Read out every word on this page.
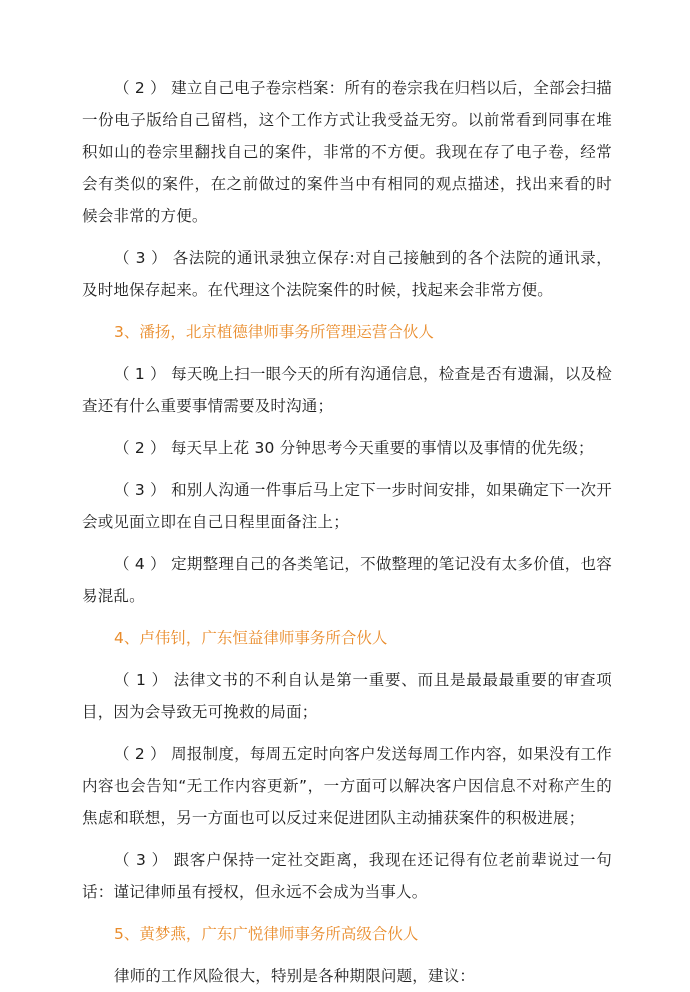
（ 2 ） 建立自己电子卷宗档案：所有的卷宗我在归档以后，全部会扫描一份电子版给自己留档，这个工作方式让我受益无穷。以前常看到同事在堆积如山的卷宗里翻找自己的案件，非常的不方便。我现在存了电子卷，经常会有类似的案件，在之前做过的案件当中有相同的观点描述，找出来看的时候会非常的方便。

（ 3 ） 各法院的通讯录独立保存:对自己接触到的各个法院的通讯录，及时地保存起来。在代理这个法院案件的时候，找起来会非常方便。

3、潘扬，北京植德律师事务所管理运营合伙人

（ 1 ） 每天晚上扫一眼今天的所有沟通信息，检查是否有遗漏，以及检查还有什么重要事情需要及时沟通；

（ 2 ） 每天早上花 30 分钟思考今天重要的事情以及事情的优先级；

（ 3 ） 和别人沟通一件事后马上定下一步时间安排，如果确定下一次开会或见面立即在自己日程里面备注上；

（ 4 ） 定期整理自己的各类笔记，不做整理的笔记没有太多价值，也容易混乱。

4、卢伟钊，广东恒益律师事务所合伙人

（ 1 ） 法律文书的不利自认是第一重要、而且是最最最重要的审查项目，因为会导致无可挽救的局面；

（ 2 ） 周报制度，每周五定时向客户发送每周工作内容，如果没有工作内容也会告知“无工作内容更新”，一方面可以解决客户因信息不对称产生的焦虑和联想，另一方面也可以反过来促进团队主动捕获案件的积极进展；

（ 3 ） 跟客户保持一定社交距离，我现在还记得有位老前辈说过一句话：谨记律师虽有授权，但永远不会成为当事人。

5、黄梦燕，广东广悦律师事务所高级合伙人

律师的工作风险很大，特别是各种期限问题，建议：
